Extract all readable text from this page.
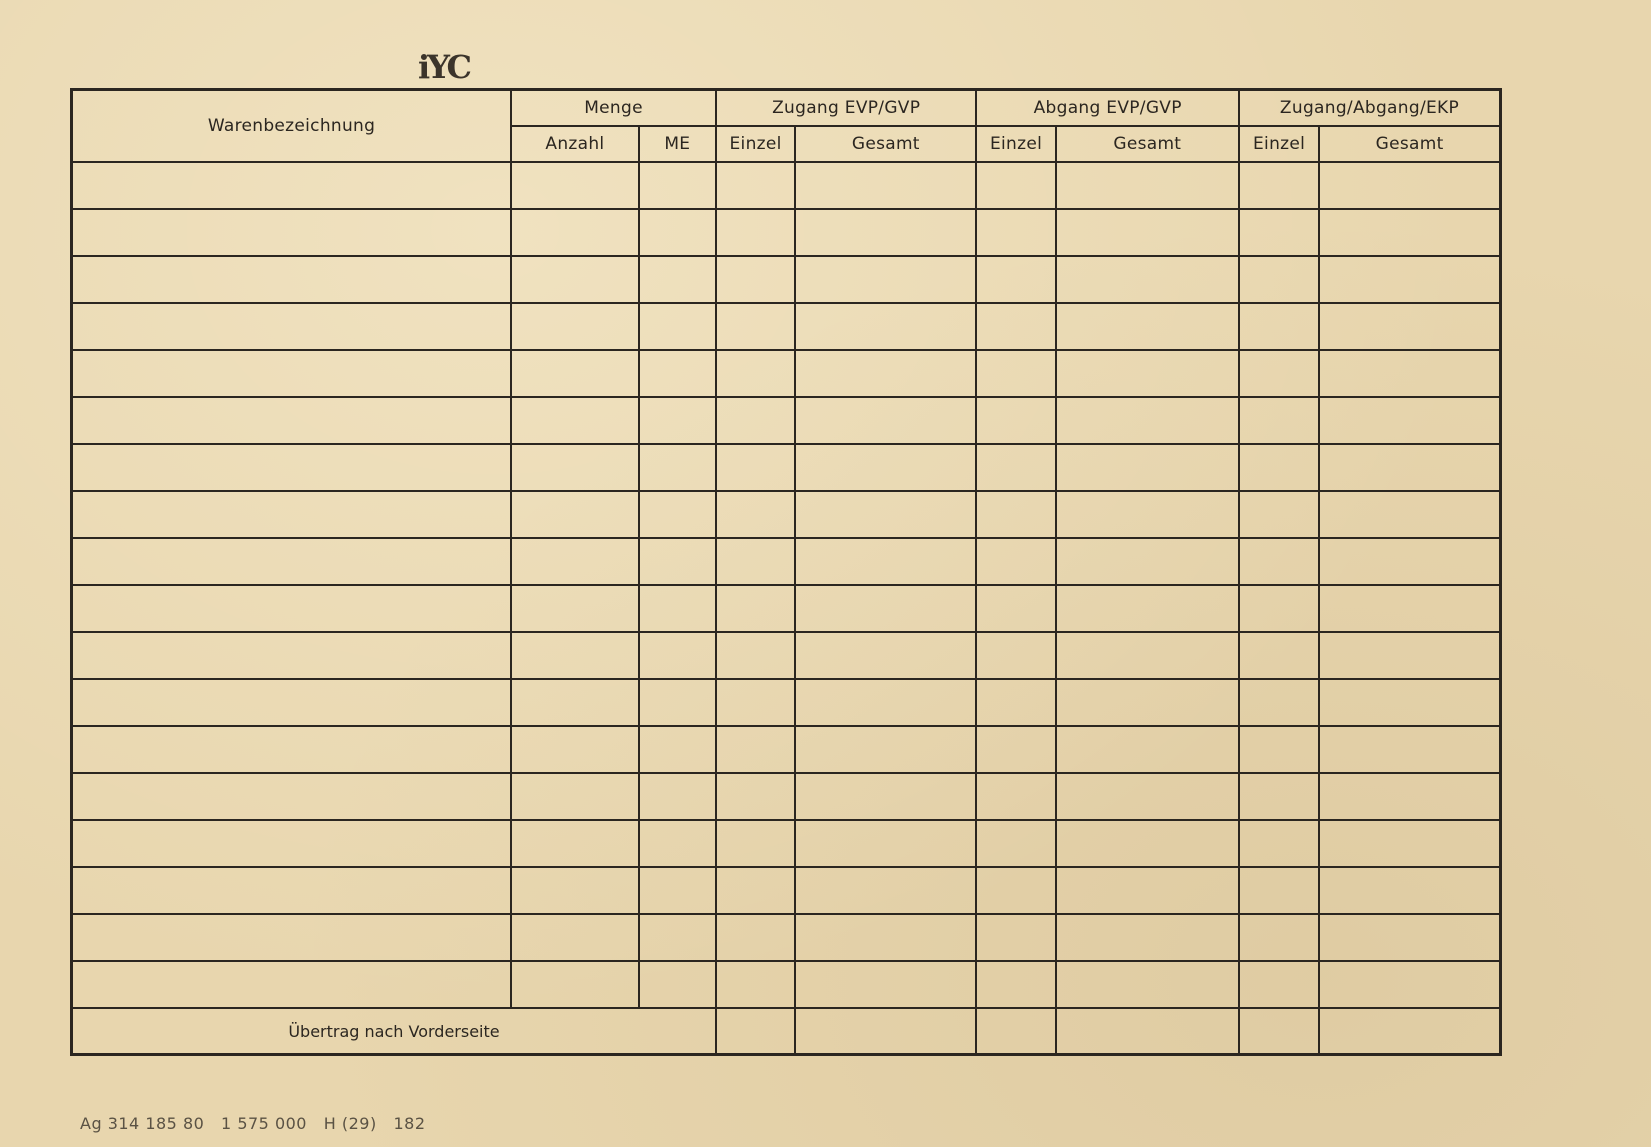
iYC
Warenbezeichnung	Menge		Zugang EVP/GVP		Abgang EVP/GVP		Zugang/Abgang/EKP	
	Anzahl	ME	Einzel	Gesamt	Einzel	Gesamt	Einzel	Gesamt

Übertrag nach Vorderseite								
Ag 314 185 80   1 575 000   H (29)   182
